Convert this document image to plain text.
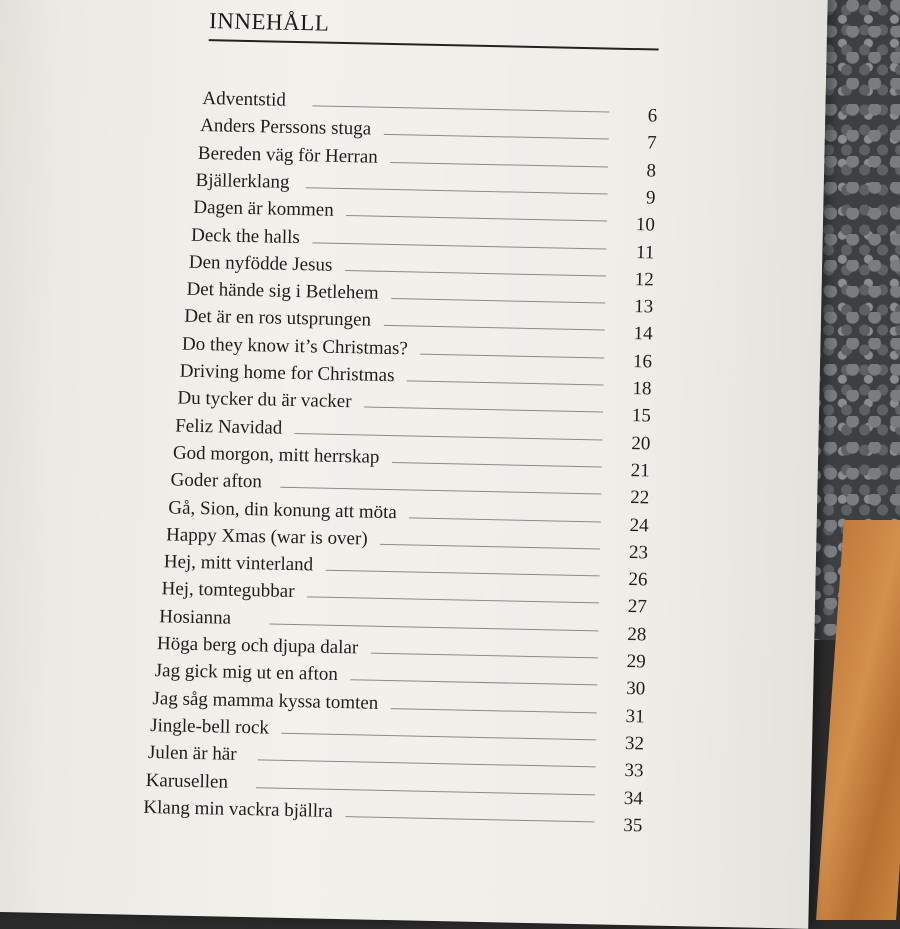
INNEHÅLL
Adventstid
6
Anders Perssons stuga
7
Bereden väg för Herran
8
Bjällerklang
9
Dagen är kommen
10
Deck the halls
11
Den nyfödde Jesus
12
Det hände sig i Betlehem
13
Det är en ros utsprungen
14
Do they know it’s Christmas?
16
Driving home for Christmas
18
Du tycker du är vacker
15
Feliz Navidad
20
God morgon, mitt herrskap
21
Goder afton
22
Gå, Sion, din konung att möta
24
Happy Xmas (war is over)
23
Hej, mitt vinterland
26
Hej, tomtegubbar
27
Hosianna
28
Höga berg och djupa dalar
29
Jag gick mig ut en afton
30
Jag såg mamma kyssa tomten
31
Jingle-bell rock
32
Julen är här
33
Karusellen
34
Klang min vackra bjällra
35
